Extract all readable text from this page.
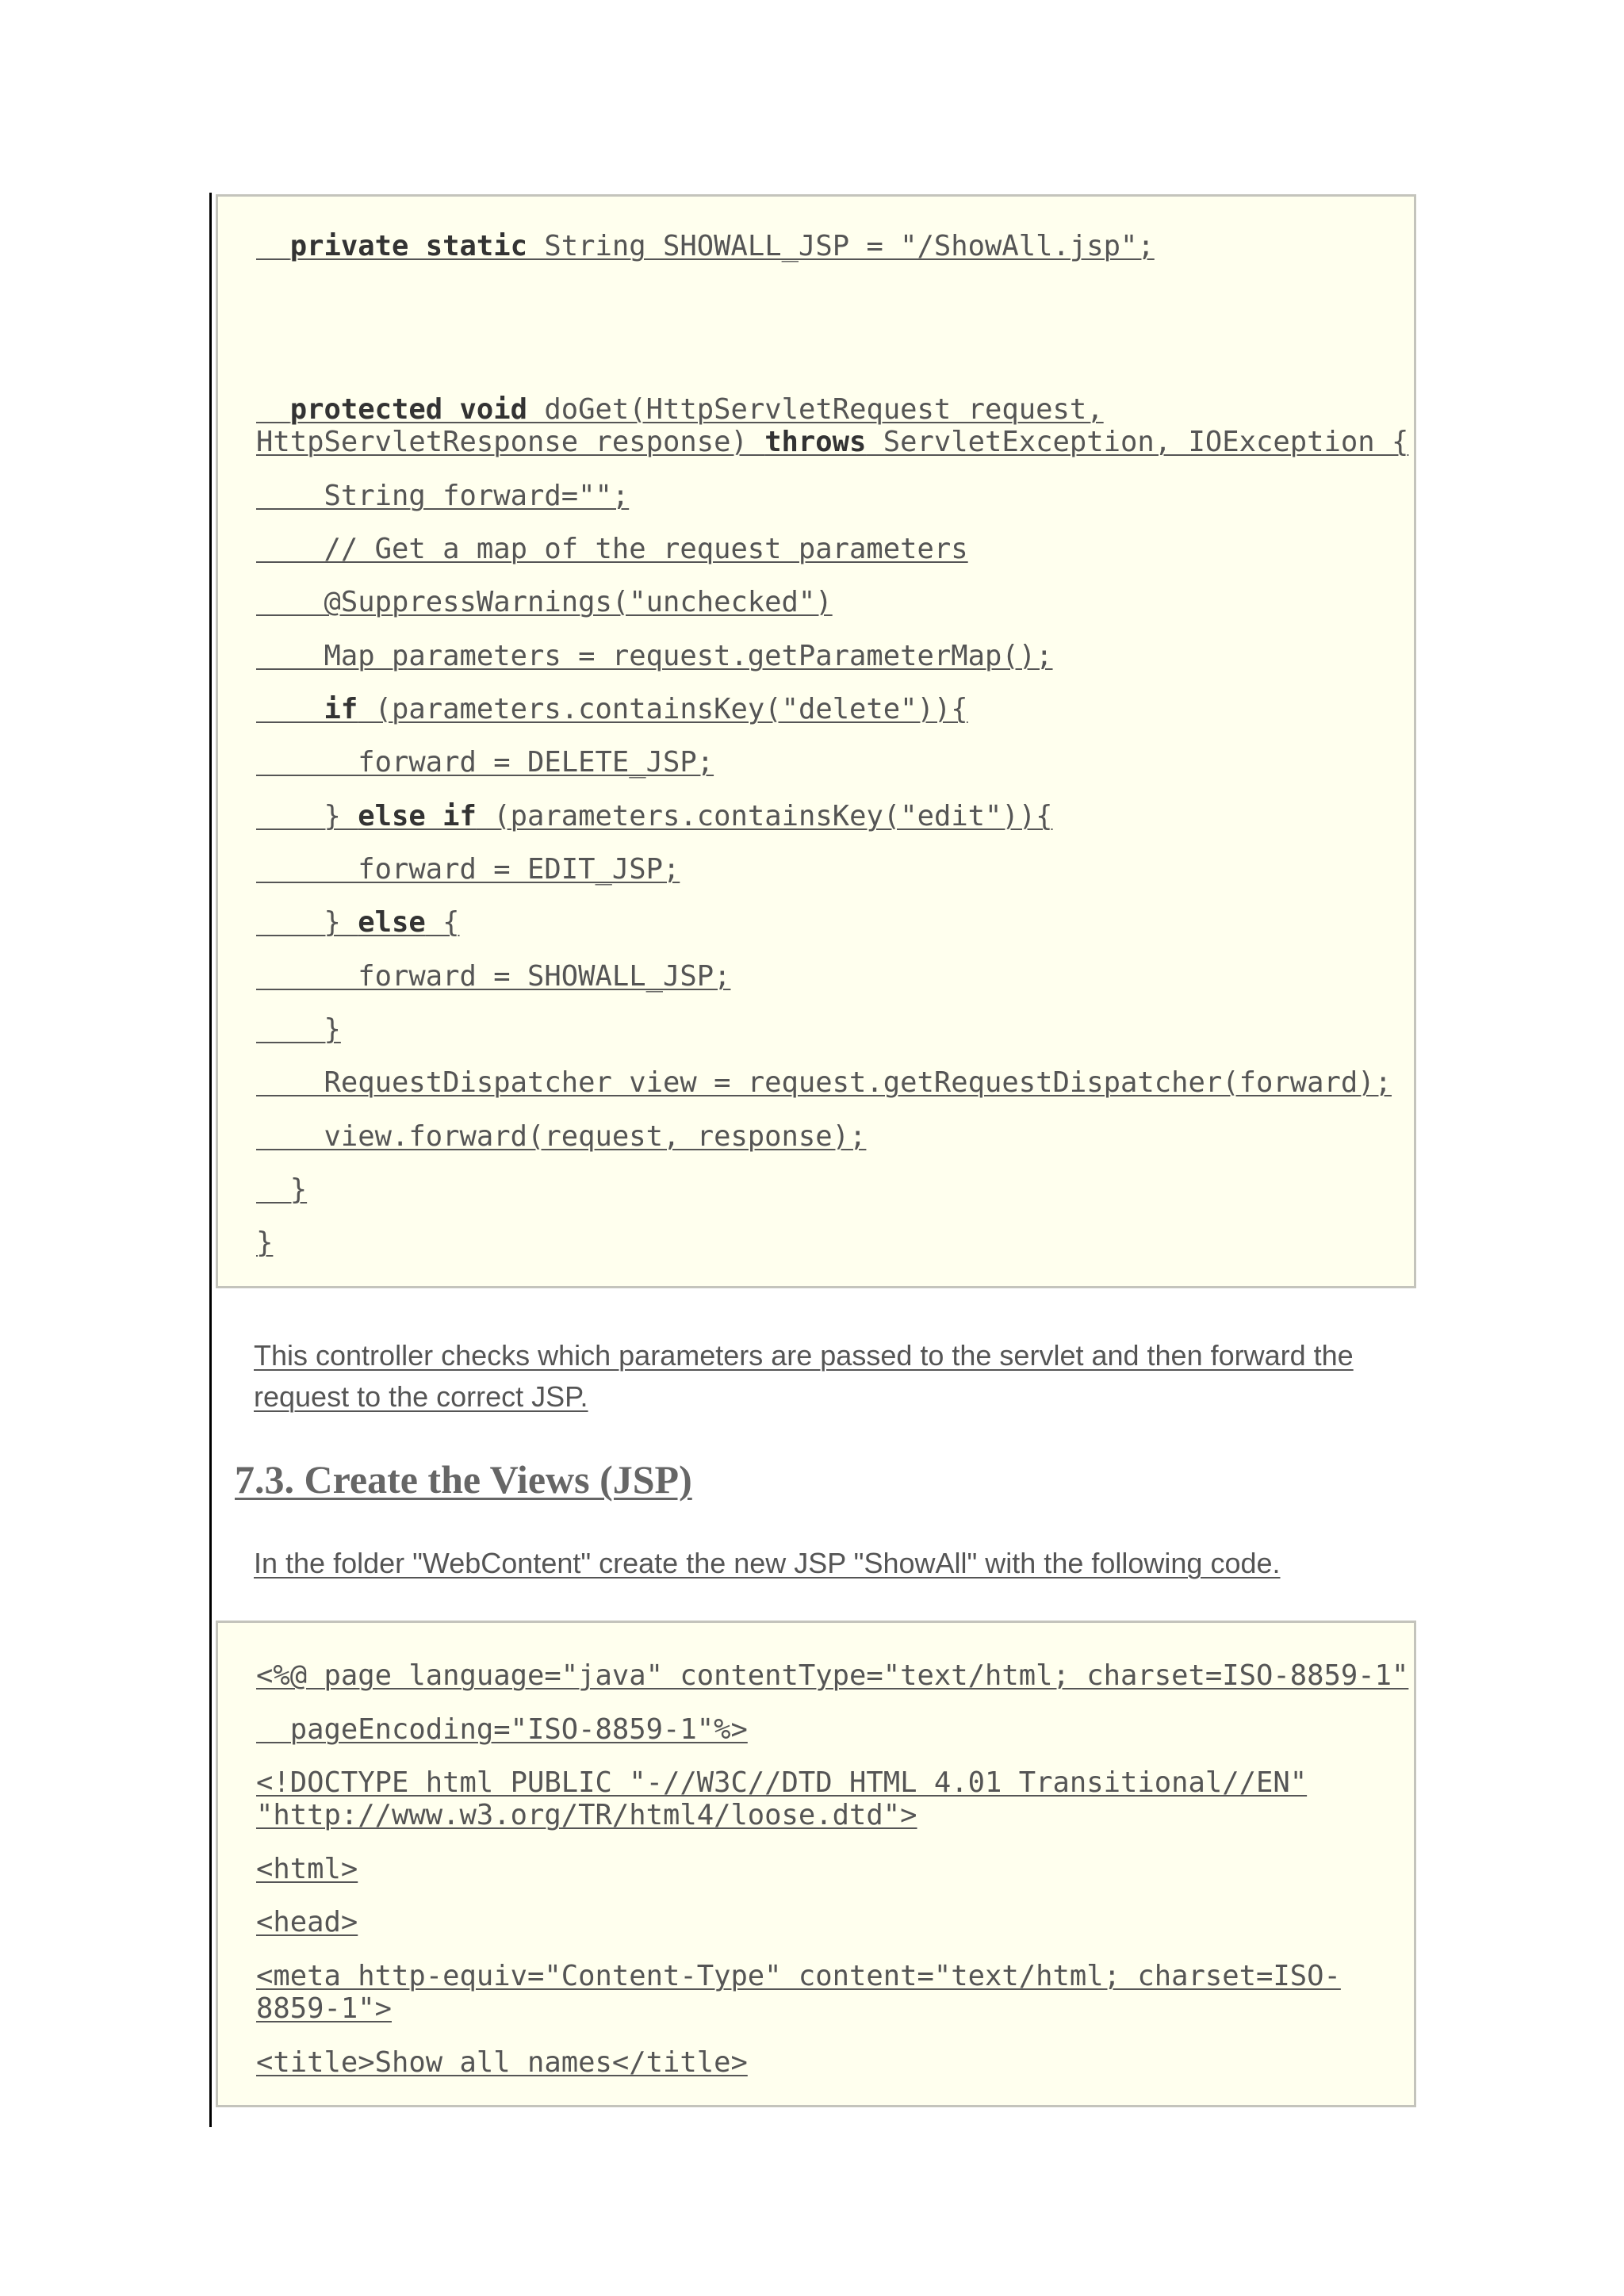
private static String SHOWALL_JSP = "/ShowAll.jsp";

protected void doGet(HttpServletRequest request,

HttpServletResponse response) throws ServletException, IOException {

String forward="";

// Get a map of the request parameters

@SuppressWarnings("unchecked")

Map parameters = request.getParameterMap();

if (parameters.containsKey("delete")){

forward = DELETE_JSP;

} else if (parameters.containsKey("edit")){

forward = EDIT_JSP;

} else {

forward = SHOWALL_JSP;

}

RequestDispatcher view = request.getRequestDispatcher(forward);

view.forward(request, response);

}

}

This controller checks which parameters are passed to the servlet and then forward the
request to the correct JSP.

7.3. Create the Views (JSP)

In the folder "WebContent" create the new JSP "ShowAll" with the following code.

<%@ page language="java" contentType="text/html; charset=ISO-8859-1"

pageEncoding="ISO-8859-1"%>

<!DOCTYPE html PUBLIC "-//W3C//DTD HTML 4.01 Transitional//EN"

"http://www.w3.org/TR/html4/loose.dtd">

<html>

<head>

<meta http-equiv="Content-Type" content="text/html; charset=ISO-

8859-1">

<title>Show all names</title>
